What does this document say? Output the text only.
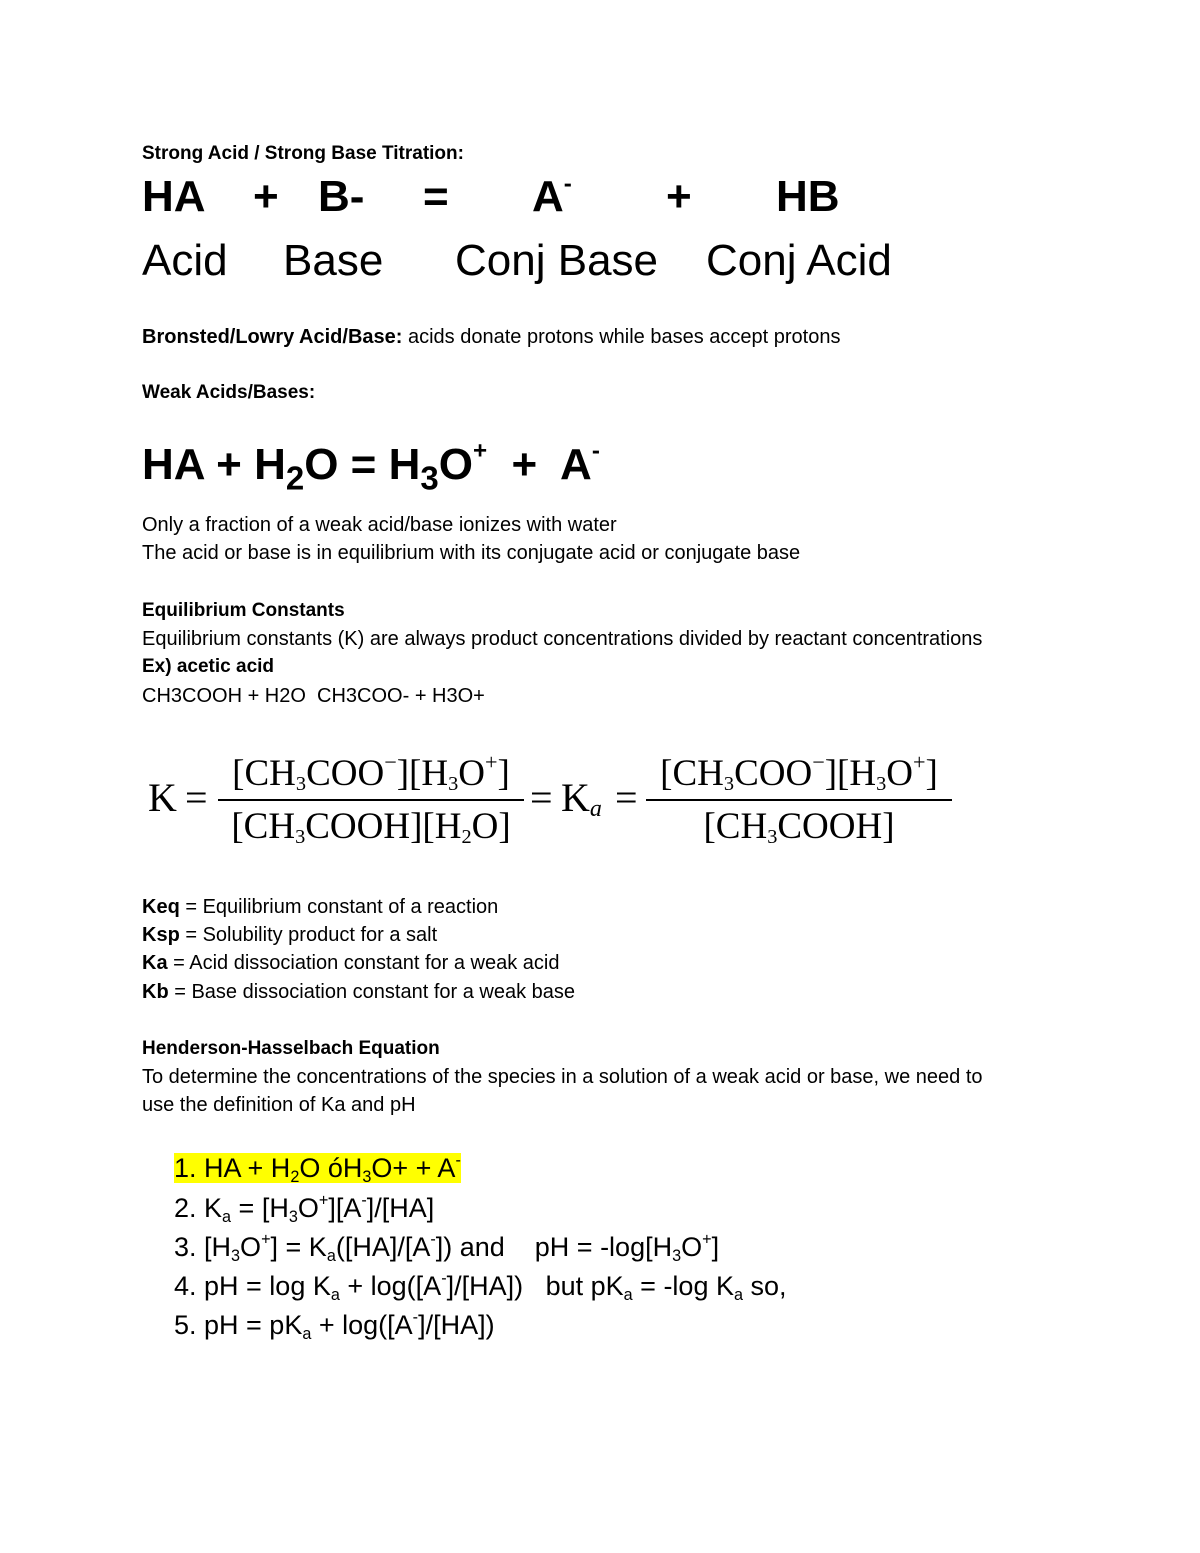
Strong Acid / Strong Base Titration:
HA + B- = A- + HB
Acid Base Conj Base Conj Acid
Bronsted/Lowry Acid/Base: acids donate protons while bases accept protons
Weak Acids/Bases:
HA + $H_2O = H_3O^+ + A^-$
Only a fraction of a weak acid/base ionizes with water
The acid or base is in equilibrium with its conjugate acid or conjugate base
Equilibrium Constants
Equilibrium constants (K) are always product concentrations divided by reactant concentrations
Ex) acetic acid
CH3COOH + H2O  CH3COO- + H3O+
K =
$[CH_3COO^-][H_3O^+]$
$[CH_3COOH][H_2O]$
= $K_a$ =
$[CH_3COO^-][H_3O^+]$
$[CH_3COOH]$
Keq = Equilibrium constant of a reaction
Ksp = Solubility product for a salt
Ka = Acid dissociation constant for a weak acid
Kb = Base dissociation constant for a weak base
Henderson-Hasselbach Equation
To determine the concentrations of the species in a solution of a weak acid or base, we need to
use the definition of Ka and pH
1. HA + $H_2O$ $óH_3O+ + A^-$
2. $K_a = [H_3O^+][A^-]/[HA]$
3. $[H_3O^+] = K_a([HA]/[A^-])$ and    pH = $-\log[H_3O^+]$
4. pH = $\log K_a + \log([A^-]/[HA])$   but $pK_a = -\log$ $K_a$ so,
5. pH = $pK_a + \log([A^-]/[HA])$
